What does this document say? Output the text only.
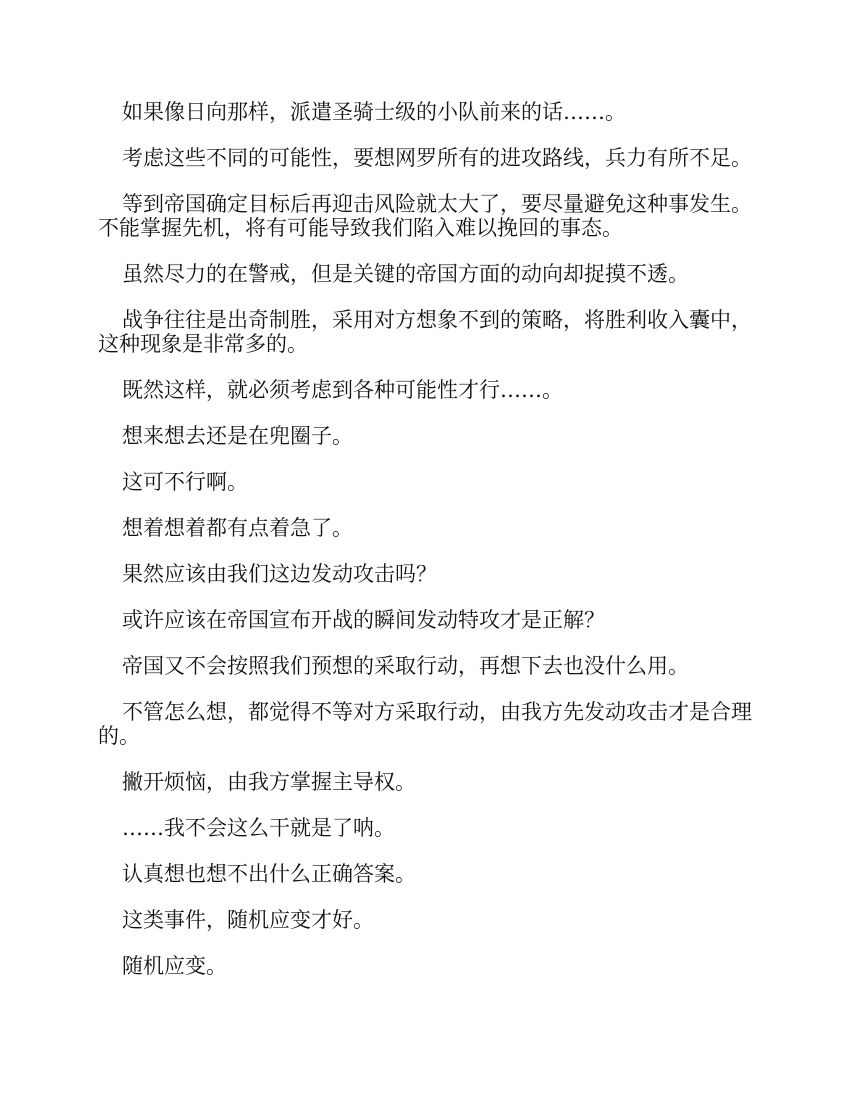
如果像日向那样，派遣圣骑士级的小队前来的话……。

考虑这些不同的可能性，要想网罗所有的进攻路线，兵力有所不足。

等到帝国确定目标后再迎击风险就太大了，要尽量避免这种事发生。
不能掌握先机，将有可能导致我们陷入难以挽回的事态。

虽然尽力的在警戒，但是关键的帝国方面的动向却捉摸不透。

战争往往是出奇制胜，采用对方想象不到的策略，将胜利收入囊中，
这种现象是非常多的。

既然这样，就必须考虑到各种可能性才行……。

想来想去还是在兜圈子。

这可不行啊。

想着想着都有点着急了。

果然应该由我们这边发动攻击吗？

或许应该在帝国宣布开战的瞬间发动特攻才是正解？

帝国又不会按照我们预想的采取行动，再想下去也没什么用。

不管怎么想，都觉得不等对方采取行动，由我方先发动攻击才是合理
的。

撇开烦恼，由我方掌握主导权。

……我不会这么干就是了呐。

认真想也想不出什么正确答案。

这类事件，随机应变才好。

随机应变。
